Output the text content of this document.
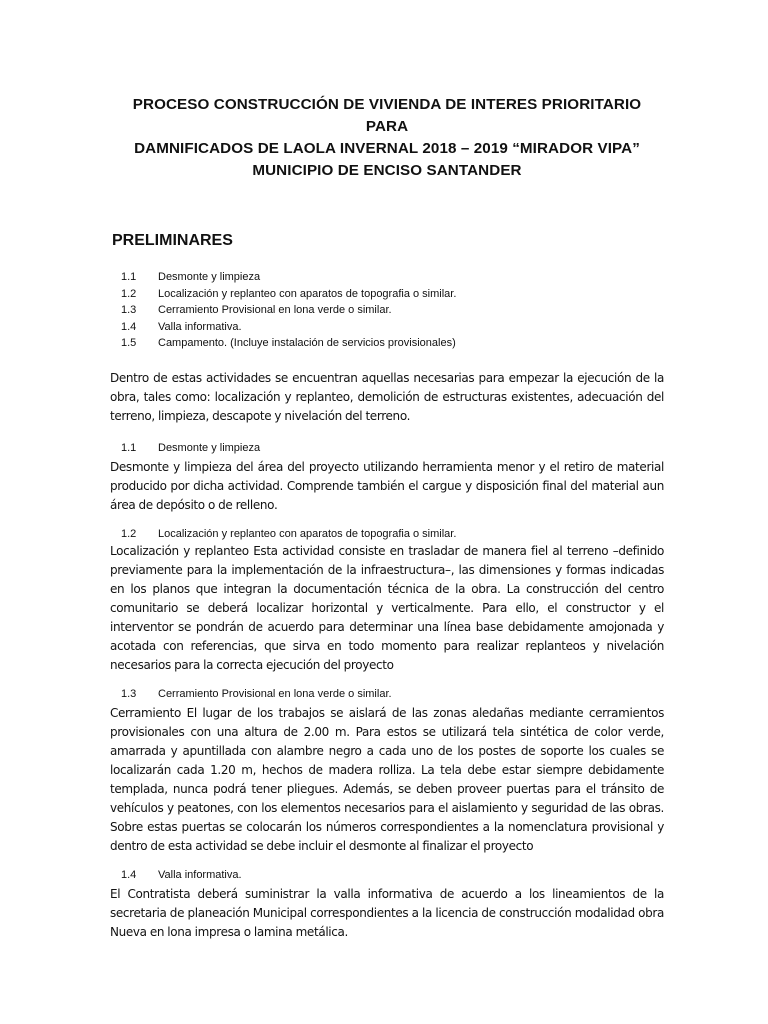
PROCESO CONSTRUCCIÓN DE VIVIENDA DE INTERES PRIORITARIO PARA
DAMNIFICADOS DE LAOLA INVERNAL 2018 – 2019 “MIRADOR VIPA”
MUNICIPIO DE ENCISO SANTANDER
PRELIMINARES
1.1	Desmonte y limpieza
1.2	Localización y replanteo con aparatos de topografia o similar.
1.3	Cerramiento Provisional en lona verde o similar.
1.4	Valla informativa.
1.5	Campamento. (Incluye instalación de servicios provisionales)

Dentro de estas actividades se encuentran aquellas necesarias para empezar la ejecución de la obra, tales como: localización y replanteo, demolición de estructuras existentes, adecuación del terreno, limpieza, descapote y nivelación del terreno.

1.1	Desmonte y limpieza

Desmonte y limpieza del área del proyecto utilizando herramienta menor y el retiro de material producido por dicha actividad. Comprende también el cargue y disposición final del material aun área de depósito o de relleno.

1.2	Localización y replanteo con aparatos de topografia o similar.

Localización y replanteo Esta actividad consiste en trasladar de manera fiel al terreno –definido previamente para la implementación de la infraestructura–, las dimensiones y formas indicadas en los planos que integran la documentación técnica de la obra. La construcción del centro comunitario se deberá localizar horizontal y verticalmente. Para ello, el constructor y el interventor se pondrán de acuerdo para determinar una línea base debidamente amojonada y acotada con referencias, que sirva en todo momento para realizar replanteos y nivelación necesarios para la correcta ejecución del proyecto

1.3	Cerramiento Provisional en lona verde o similar.

Cerramiento El lugar de los trabajos se aislará de las zonas aledañas mediante cerramientos provisionales con una altura de 2.00 m. Para estos se utilizará tela sintética de color verde, amarrada y apuntillada con alambre negro a cada uno de los postes de soporte los cuales se localizarán cada 1.20 m, hechos de madera rolliza. La tela debe estar siempre debidamente templada, nunca podrá tener pliegues. Además, se deben proveer puertas para el tránsito de vehículos y peatones, con los elementos necesarios para el aislamiento y seguridad de las obras. Sobre estas puertas se colocarán los números correspondientes a la nomenclatura provisional y dentro de esta actividad se debe incluir el desmonte al finalizar el proyecto

1.4	Valla informativa.

El Contratista deberá suministrar la valla informativa de acuerdo a los lineamientos de la secretaria de planeación Municipal correspondientes a la licencia de construcción modalidad obra Nueva en lona impresa o lamina metálica.
